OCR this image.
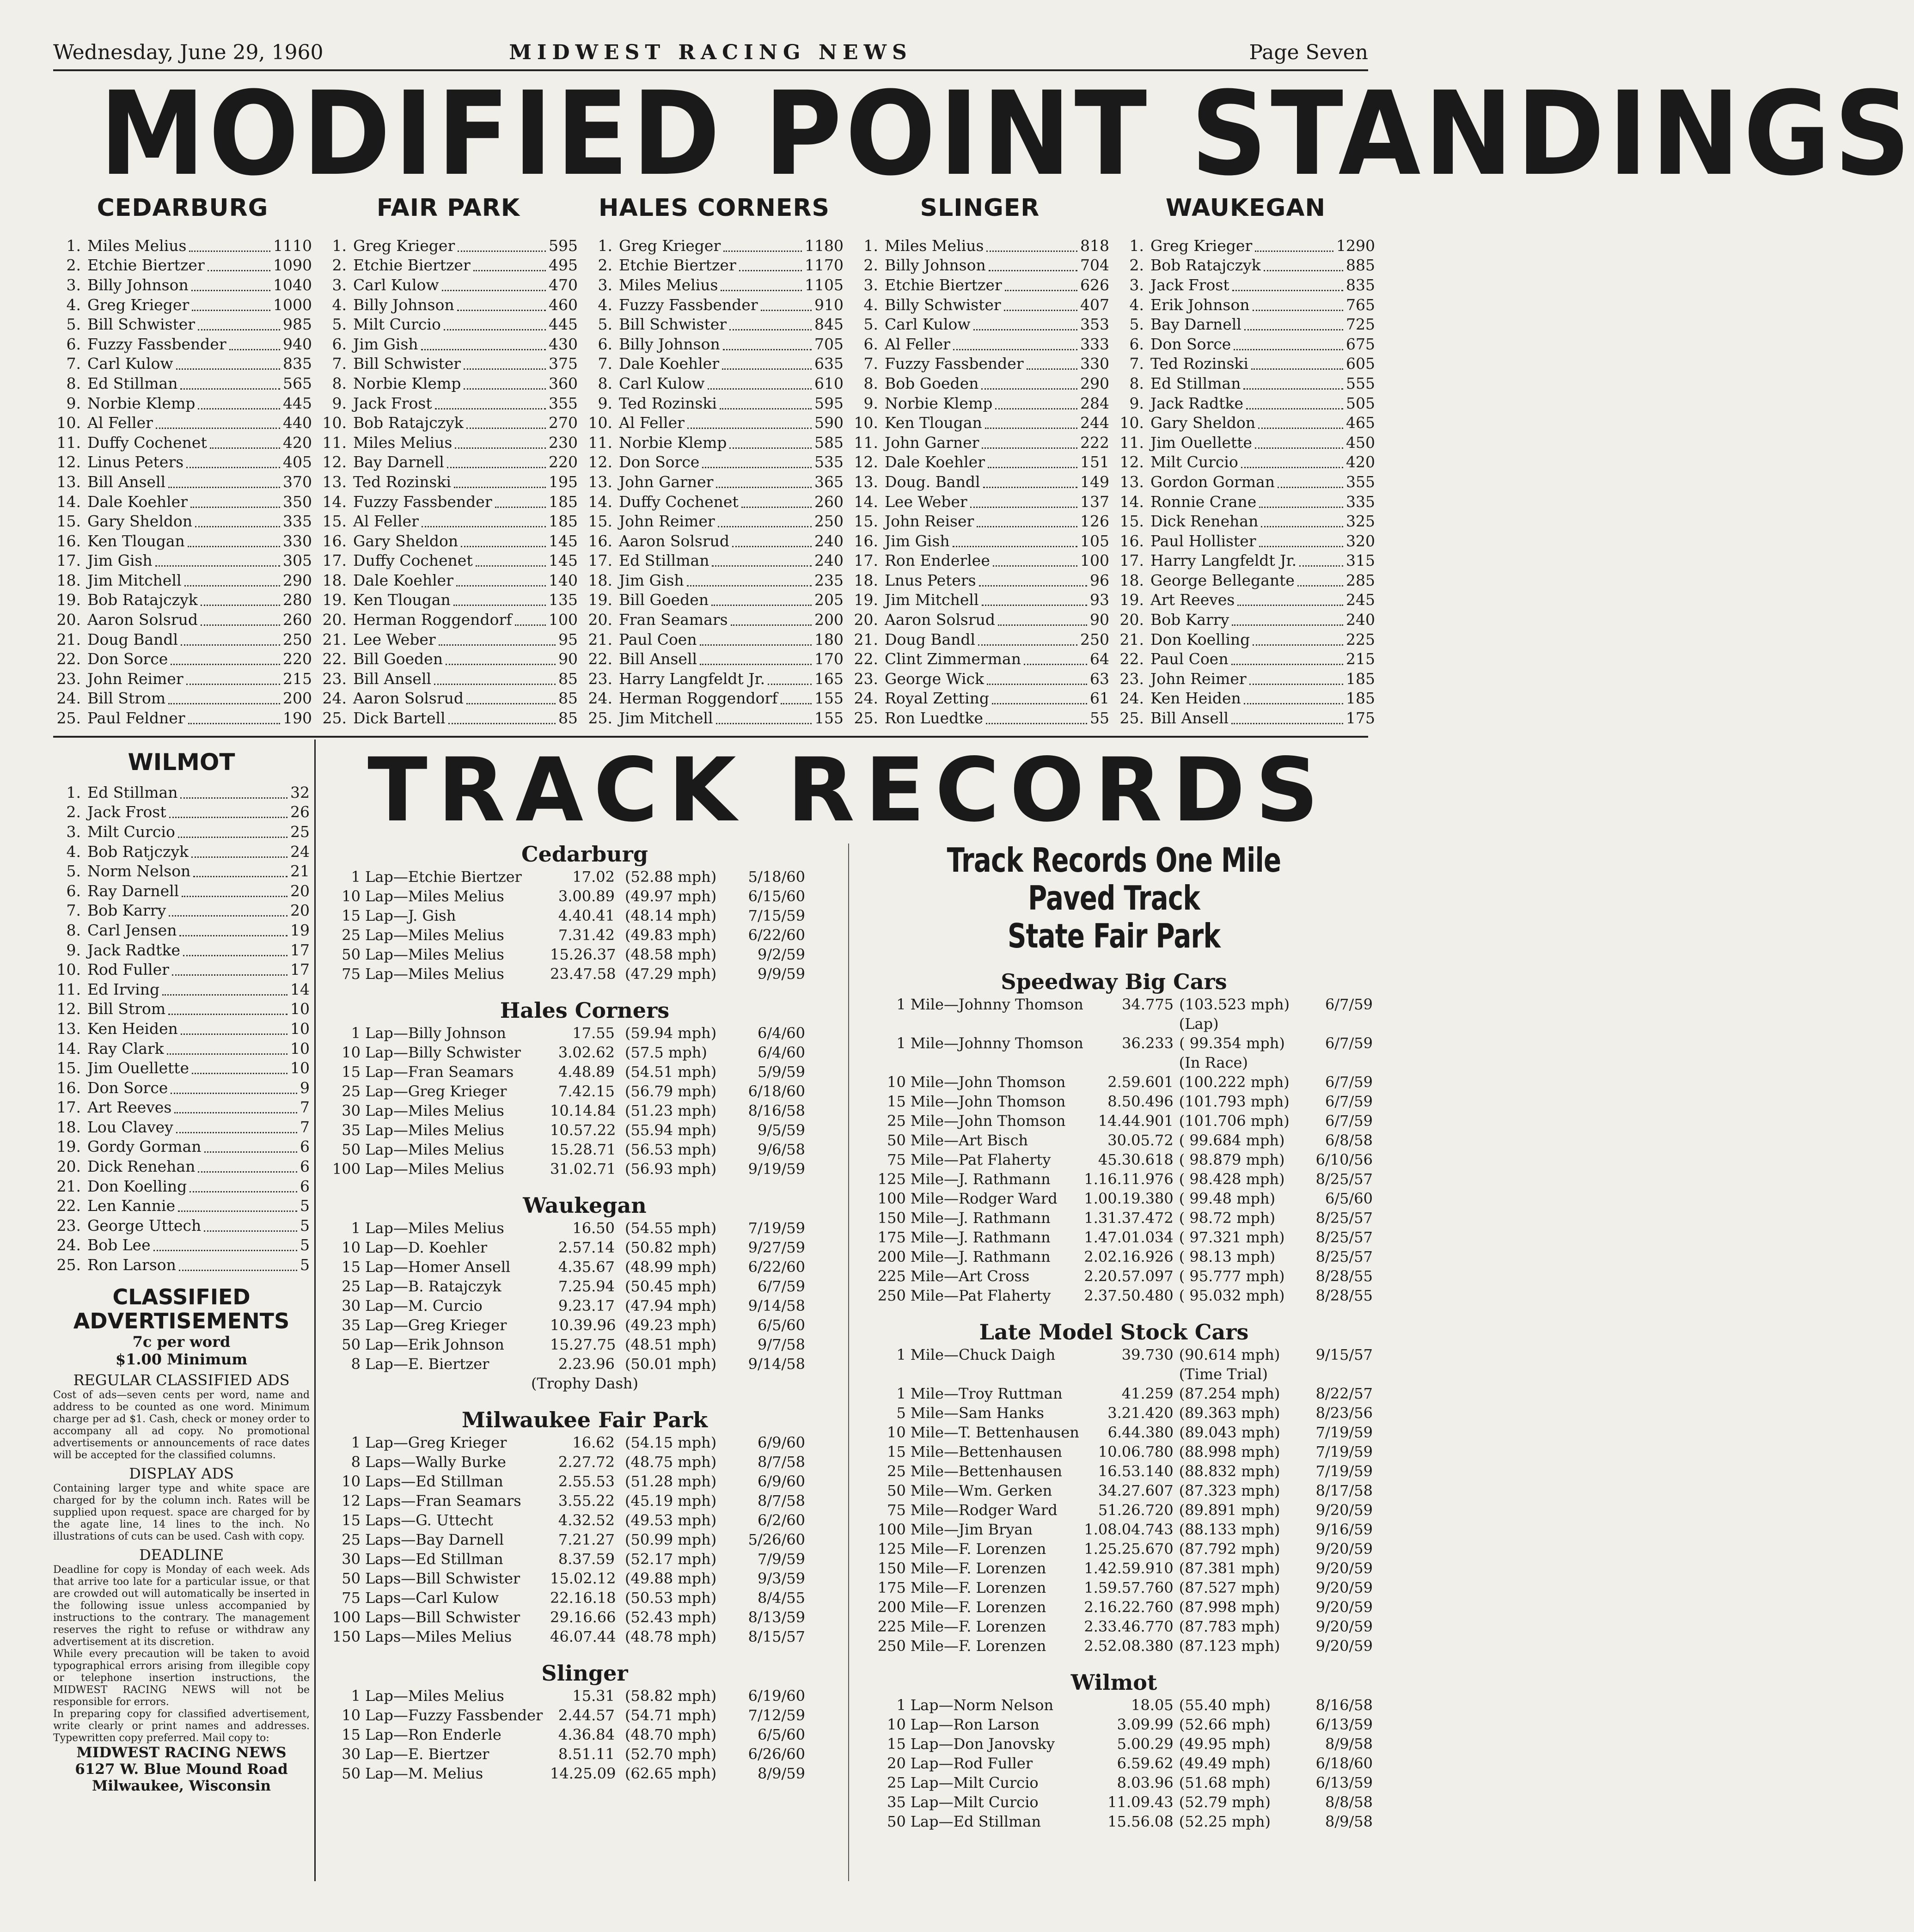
Wednesday, June 29, 1960	MIDWEST RACING NEWS	Page Seven
MODIFIED POINT STANDINGS
CEDARBURG
1. Miles Melius	1110
2. Etchie Biertzer	1090
3. Billy Johnson	1040
4. Greg Krieger	1000
5. Bill Schwister	985
6. Fuzzy Fassbender	940
7. Carl Kulow	835
8. Ed Stillman	565
9. Norbie Klemp	445
10. Al Feller	440
11. Duffy Cochenet	420
12. Linus Peters	405
13. Bill Ansell	370
14. Dale Koehler	350
15. Gary Sheldon	335
16. Ken Tlougan	330
17. Jim Gish	305
18. Jim Mitchell	290
19. Bob Ratajczyk	280
20. Aaron Solsrud	260
21. Doug Bandl	250
22. Don Sorce	220
23. John Reimer	215
24. Bill Strom	200
25. Paul Feldner	190
FAIR PARK
1. Greg Krieger	595
2. Etchie Biertzer	495
3. Carl Kulow	470
4. Billy Johnson	460
5. Milt Curcio	445
6. Jim Gish	430
7. Bill Schwister	375
8. Norbie Klemp	360
9. Jack Frost	355
10. Bob Ratajczyk	270
11. Miles Melius	230
12. Bay Darnell	220
13. Ted Rozinski	195
14. Fuzzy Fassbender	185
15. Al Feller	185
16. Gary Sheldon	145
17. Duffy Cochenet	145
18. Dale Koehler	140
19. Ken Tlougan	135
20. Herman Roggendorf 100
21. Lee Weber	95
22. Bill Goeden	90
23. Bill Ansell	85
24. Aaron Solsrud	85
25. Dick Bartell	85
HALES CORNERS
1. Greg Krieger	1180
2. Etchie Biertzer	1170
3. Miles Melius	1105
4. Fuzzy Fassbender	910
5. Bill Schwister	845
6. Billy Johnson	705
7. Dale Koehler	635
8. Carl Kulow	610
9. Ted Rozinski	595
10. Al Feller	590
11. Norbie Klemp	585
12. Don Sorce	535
13. John Garner	365
14. Duffy Cochenet	260
15. John Reimer	250
16. Aaron Solsrud	240
17. Ed Stillman	240
18. Jim Gish	235
19. Bill Goeden	205
20. Fran Seamars	200
21. Paul Coen	180
22. Bill Ansell	170
23. Harry Langfeldt Jr.	165
24. Herman Roggendorf 155
25. Jim Mitchell	155
SLINGER
1. Miles Melius	818
2. Billy Johnson	704
3. Etchie Biertzer	626
4. Billy Schwister	407
5. Carl Kulow	353
6. Al Feller	333
7. Fuzzy Fassbender	330
8. Bob Goeden	290
9. Norbie Klemp	284
10. Ken Tlougan	244
11. John Garner	222
12. Dale Koehler	151
13. Doug. Bandl	149
14. Lee Weber	137
15. John Reiser	126
16. Jim Gish	105
17. Ron Enderlee	100
18. Lnus Peters	96
19. Jim Mitchell	93
20. Aaron Solsrud	90
21. Doug Bandl	250
22. Clint Zimmerman	64
23. George Wick	63
24. Royal Zetting	61
25. Ron Luedtke	55
WAUKEGAN
1. Greg Krieger	1290
2. Bob Ratajczyk	885
3. Jack Frost	835
4. Erik Johnson	765
5. Bay Darnell	725
6. Don Sorce	675
7. Ted Rozinski	605
8. Ed Stillman	555
9. Jack Radtke	505
10. Gary Sheldon	465
11. Jim Ouellette	450
12. Milt Curcio	420
13. Gordon Gorman	355
14. Ronnie Crane	335
15. Dick Renehan	325
16. Paul Hollister	320
17. Harry Langfeldt Jr.	315
18. George Bellegante	285
19. Art Reeves	245
20. Bob Karry	240
21. Don Koelling	225
22. Paul Coen	215
23. John Reimer	185
24. Ken Heiden	185
25. Bill Ansell	175
WILMOT
1. Ed Stillman	32
2. Jack Frost	26
3. Milt Curcio	25
4. Bob Ratjczyk	24
5. Norm Nelson	21
6. Ray Darnell	20
7. Bob Karry	20
8. Carl Jensen	19
9. Jack Radtke	17
10. Rod Fuller	17
11. Ed Irving	14
12. Bill Strom	10
13. Ken Heiden	10
14. Ray Clark	10
15. Jim Ouellette	10
16. Don Sorce	9
17. Art Reeves	7
18. Lou Clavey	7
19. Gordy Gorman	6
20. Dick Renehan	6
21. Don Koelling	6
22. Len Kannie	5
23. George Uttech	5
24. Bob Lee	5
25. Ron Larson	5
CLASSIFIED ADVERTISEMENTS
7c per word
$1.00 Minimum
REGULAR CLASSIFIED ADS

Cost of ads—seven cents per word, name and address to be counted as one word. Minimum charge per ad $1. Cash, check or money order to accompany all ad copy. No promotional advertisements or announcements of race dates will be accepted for the classified columns.

DISPLAY ADS

Containing larger type and white space are charged for by the column inch. Rates will be supplied upon request. space are charged for by the agate line, 14 lines to the inch. No illustrations of cuts can be used. Cash with copy.

DEADLINE

Deadline for copy is Monday of each week. Ads that arrive too late for a particular issue, or that are crowded out will automatically be inserted in the following issue unless accompanied by instructions to the contrary. The management reserves the right to refuse or withdraw any advertisement at its discretion.

While every precaution will be taken to avoid typographical errors arising from illegible copy or telephone insertion instructions, the MIDWEST RACING NEWS will not be responsible for errors.

In preparing copy for classified advertisement, write clearly or print names and addresses. Typewritten copy preferred. Mail copy to:

MIDWEST RACING NEWS
6127 W. Blue Mound Road
Milwaukee, Wisconsin
TRACK RECORDS
Cedarburg
1 Lap—Etchie Biertzer	17.02 (52.88 mph)	5/18/60
10 Lap—Miles Melius	3.00.89 (49.97 mph)	6/15/60
15 Lap—J. Gish	4.40.41 (48.14 mph)	7/15/59
25 Lap—Miles Melius	7.31.42 (49.83 mph)	6/22/60
50 Lap—Miles Melius	15.26.37 (48.58 mph)	9/2/59
75 Lap—Miles Melius	23.47.58 (47.29 mph)	9/9/59
Hales Corners
1 Lap—Billy Johnson	17.55 (59.94 mph)	6/4/60
10 Lap—Billy Schwister	3.02.62 (57.5 mph)	6/4/60
15 Lap—Fran Seamars	4.48.89 (54.51 mph)	5/9/59
25 Lap—Greg Krieger	7.42.15 (56.79 mph)	6/18/60
30 Lap—Miles Melius	10.14.84 (51.23 mph)	8/16/58
35 Lap—Miles Melius	10.57.22 (55.94 mph)	9/5/59
50 Lap—Miles Melius	15.28.71 (56.53 mph)	9/6/58
100 Lap—Miles Melius	31.02.71 (56.93 mph)	9/19/59
Waukegan
1 Lap—Miles Melius	16.50 (54.55 mph)	7/19/59
10 Lap—D. Koehler	2.57.14 (50.82 mph)	9/27/59
15 Lap—Homer Ansell	4.35.67 (48.99 mph)	6/22/60
25 Lap—B. Ratajczyk	7.25.94 (50.45 mph)	6/7/59
30 Lap—M. Curcio	9.23.17 (47.94 mph)	9/14/58
35 Lap—Greg Krieger	10.39.96 (49.23 mph)	6/5/60
50 Lap—Erik Johnson	15.27.75 (48.51 mph)	9/7/58
8 Lap—E. Biertzer	2.23.96 (50.01 mph)	9/14/58
(Trophy Dash)
Milwaukee Fair Park
1 Lap—Greg Krieger	16.62 (54.15 mph)	6/9/60
8 Laps—Wally Burke	2.27.72 (48.75 mph)	8/7/58
10 Laps—Ed Stillman	2.55.53 (51.28 mph)	6/9/60
12 Laps—Fran Seamars	3.55.22 (45.19 mph)	8/7/58
15 Laps—G. Uttecht	4.32.52 (49.53 mph)	6/2/60
25 Laps—Bay Darnell	7.21.27 (50.99 mph)	5/26/60
30 Laps—Ed Stillman	8.37.59 (52.17 mph)	7/9/59
50 Laps—Bill Schwister	15.02.12 (49.88 mph)	9/3/59
75 Laps—Carl Kulow	22.16.18 (50.53 mph)	8/4/55
100 Laps—Bill Schwister	29.16.66 (52.43 mph)	8/13/59
150 Laps—Miles Melius	46.07.44 (48.78 mph)	8/15/57
Slinger
1 Lap—Miles Melius	15.31 (58.82 mph)	6/19/60
10 Lap—Fuzzy Fassbender	2.44.57 (54.71 mph)	7/12/59
15 Lap—Ron Enderle	4.36.84 (48.70 mph)	6/5/60
30 Lap—E. Biertzer	8.51.11 (52.70 mph)	6/26/60
50 Lap—M. Melius	14.25.09 (62.65 mph)	8/9/59
Track Records One Mile Paved Track
State Fair Park
Speedway Big Cars
1 Mile—Johnny Thomson	34.775 (103.523 mph)	6/7/59
(Lap)
1 Mile—Johnny Thomson	36.233 ( 99.354 mph)	6/7/59
(In Race)
10 Mile—John Thomson	2.59.601 (100.222 mph)	6/7/59
15 Mile—John Thomson	8.50.496 (101.793 mph)	6/7/59
25 Mile—John Thomson	14.44.901 (101.706 mph)	6/7/59
50 Mile—Art Bisch	30.05.72 ( 99.684 mph)	6/8/58
75 Mile—Pat Flaherty	45.30.618 ( 98.879 mph)	6/10/56
125 Mile—J. Rathmann	1.16.11.976 ( 98.428 mph)	8/25/57
100 Mile—Rodger Ward	1.00.19.380 ( 99.48 mph)	6/5/60
150 Mile—J. Rathmann	1.31.37.472 ( 98.72 mph)	8/25/57
175 Mile—J. Rathmann	1.47.01.034 ( 97.321 mph)	8/25/57
200 Mile—J. Rathmann	2.02.16.926 ( 98.13 mph)	8/25/57
225 Mile—Art Cross	2.20.57.097 ( 95.777 mph)	8/28/55
250 Mile—Pat Flaherty	2.37.50.480 ( 95.032 mph)	8/28/55
Late Model Stock Cars
1 Mile—Chuck Daigh	39.730 (90.614 mph)	9/15/57
(Time Trial)
1 Mile—Troy Ruttman	41.259 (87.254 mph)	8/22/57
5 Mile—Sam Hanks	3.21.420 (89.363 mph)	8/23/56
10 Mile—T. Bettenhausen	6.44.380 (89.043 mph)	7/19/59
15 Mile—Bettenhausen	10.06.780 (88.998 mph)	7/19/59
25 Mile—Bettenhausen	16.53.140 (88.832 mph)	7/19/59
50 Mile—Wm. Gerken	34.27.607 (87.323 mph)	8/17/58
75 Mile—Rodger Ward	51.26.720 (89.891 mph)	9/20/59
100 Mile—Jim Bryan	1.08.04.743 (88.133 mph)	9/16/59
125 Mile—F. Lorenzen	1.25.25.670 (87.792 mph)	9/20/59
150 Mile—F. Lorenzen	1.42.59.910 (87.381 mph)	9/20/59
175 Mile—F. Lorenzen	1.59.57.760 (87.527 mph)	9/20/59
200 Mile—F. Lorenzen	2.16.22.760 (87.998 mph)	9/20/59
225 Mile—F. Lorenzen	2.33.46.770 (87.783 mph)	9/20/59
250 Mile—F. Lorenzen	2.52.08.380 (87.123 mph)	9/20/59
Wilmot
1 Lap—Norm Nelson	18.05 (55.40 mph)	8/16/58
10 Lap—Ron Larson	3.09.99 (52.66 mph)	6/13/59
15 Lap—Don Janovsky	5.00.29 (49.95 mph)	8/9/58
20 Lap—Rod Fuller	6.59.62 (49.49 mph)	6/18/60
25 Lap—Milt Curcio	8.03.96 (51.68 mph)	6/13/59
35 Lap—Milt Curcio	11.09.43 (52.79 mph)	8/8/58
50 Lap—Ed Stillman	15.56.08 (52.25 mph)	8/9/58
